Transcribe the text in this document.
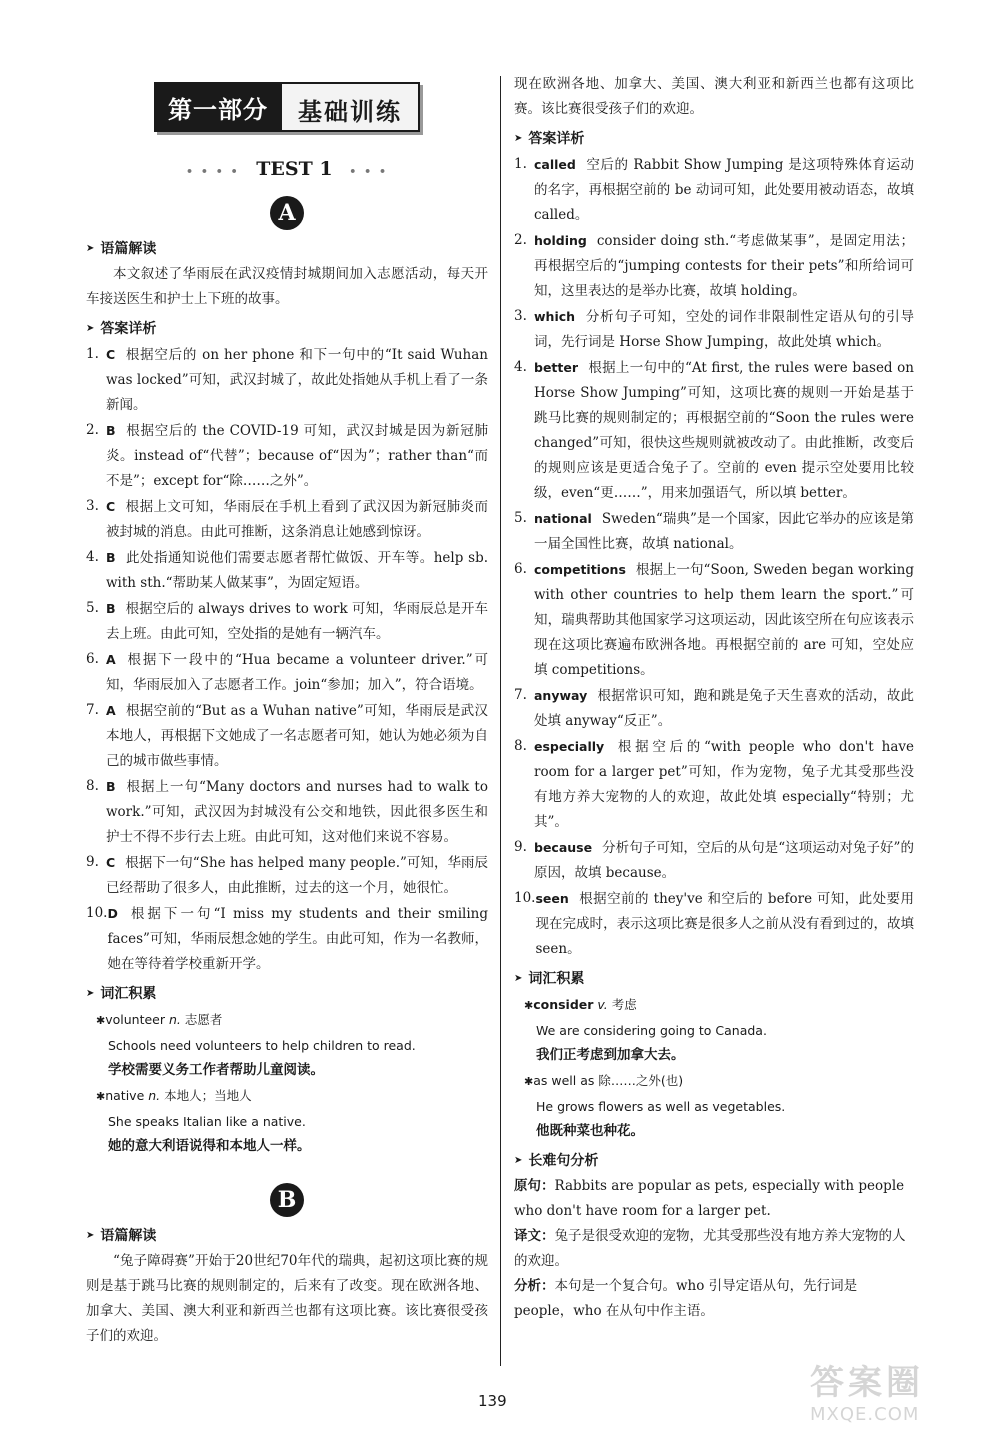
第一部分	基础训练
• • • • TEST 1 • • •
A
➤ 语篇解读
本文叙述了华雨辰在武汉疫情封城期间加入志愿活动，每天开车接送医生和护士上下班的故事。
➤ 答案详析
1. C 根据空后的 on her phone 和下一句中的“It said Wuhan was locked”可知，武汉封城了，故此处指她从手机上看了一条新闻。
2. B 根据空后的 the COVID-19 可知，武汉封城是因为新冠肺炎。instead of“代替”；because of“因为”；rather than“而不是”；except for“除……之外”。
3. C 根据上文可知，华雨辰在手机上看到了武汉因为新冠肺炎而被封城的消息。由此可推断，这条消息让她感到惊讶。
4. B 此处指通知说他们需要志愿者帮忙做饭、开车等。help sb. with sth.“帮助某人做某事”，为固定短语。
5. B 根据空后的 always drives to work 可知，华雨辰总是开车去上班。由此可知，空处指的是她有一辆汽车。
6. A 根据下一段中的“Hua became a volunteer driver.”可知，华雨辰加入了志愿者工作。join“参加；加入”，符合语境。
7. A 根据空前的“But as a Wuhan native”可知，华雨辰是武汉本地人，再根据下文她成了一名志愿者可知，她认为她必须为自己的城市做些事情。
8. B 根据上一句“Many doctors and nurses had to walk to work.”可知，武汉因为封城没有公交和地铁，因此很多医生和护士不得不步行去上班。由此可知，这对他们来说不容易。
9. C 根据下一句“She has helped many people.”可知，华雨辰已经帮助了很多人，由此推断，过去的这一个月，她很忙。
10. D 根据下一句“I miss my students and their smiling faces”可知，华雨辰想念她的学生。由此可知，作为一名教师，她在等待着学校重新开学。
➤ 词汇积累
✱volunteer n. 志愿者
Schools need volunteers to help children to read.
学校需要义务工作者帮助儿童阅读。
✱native n. 本地人；当地人
She speaks Italian like a native.
她的意大利语说得和本地人一样。
B
➤ 语篇解读
“兔子障碍赛”开始于20世纪70年代的瑞典，起初这项比赛的规则是基于跳马比赛的规则制定的，后来有了改变。现在欧洲各地、加拿大、美国、澳大利亚和新西兰也都有这项比赛。该比赛很受孩子们的欢迎。
现在欧洲各地、加拿大、美国、澳大利亚和新西兰也都有这项比赛。该比赛很受孩子们的欢迎。
➤ 答案详析
1. called 空后的 Rabbit Show Jumping 是这项特殊体育运动的名字，再根据空前的 be 动词可知，此处要用被动语态，故填 called。
2. holding consider doing sth.“考虑做某事”，是固定用法；再根据空后的“jumping contests for their pets”和所给词可知，这里表达的是举办比赛，故填 holding。
3. which 分析句子可知，空处的词作非限制性定语从句的引导词，先行词是 Horse Show Jumping，故此处填 which。
4. better 根据上一句中的“At first, the rules were based on Horse Show Jumping”可知，这项比赛的规则一开始是基于跳马比赛的规则制定的；再根据空前的“Soon the rules were changed”可知，很快这些规则就被改动了。由此推断，改变后的规则应该是更适合兔子了。空前的 even 提示空处要用比较级，even“更……”，用来加强语气，所以填 better。
5. national Sweden“瑞典”是一个国家，因此它举办的应该是第一届全国性比赛，故填 national。
6. competitions 根据上一句“Soon, Sweden began working with other countries to help them learn the sport.”可知，瑞典帮助其他国家学习这项运动，因此该空所在句应该表示现在这项比赛遍布欧洲各地。再根据空前的 are 可知，空处应填 competitions。
7. anyway 根据常识可知，跑和跳是兔子天生喜欢的活动，故此处填 anyway“反正”。
8. especially 根据空后的“with people who don't have room for a larger pet”可知，作为宠物，兔子尤其受那些没有地方养大宠物的人的欢迎，故此处填 especially“特别；尤其”。
9. because 分析句子可知，空后的从句是“这项运动对兔子好”的原因，故填 because。
10. seen 根据空前的 they've 和空后的 before 可知，此处要用现在完成时，表示这项比赛是很多人之前从没有看到过的，故填 seen。
➤ 词汇积累
✱consider v. 考虑
We are considering going to Canada.
我们正考虑到加拿大去。
✱as well as 除……之外(也)
He grows flowers as well as vegetables.
他既种菜也种花。
➤ 长难句分析
原句：Rabbits are popular as pets, especially with people who don't have room for a larger pet.
译文：兔子是很受欢迎的宠物，尤其受那些没有地方养大宠物的人的欢迎。
分析：本句是一个复合句。who 引导定语从句，先行词是 people，who 在从句中作主语。
139	答案圈
MXQE.COM
